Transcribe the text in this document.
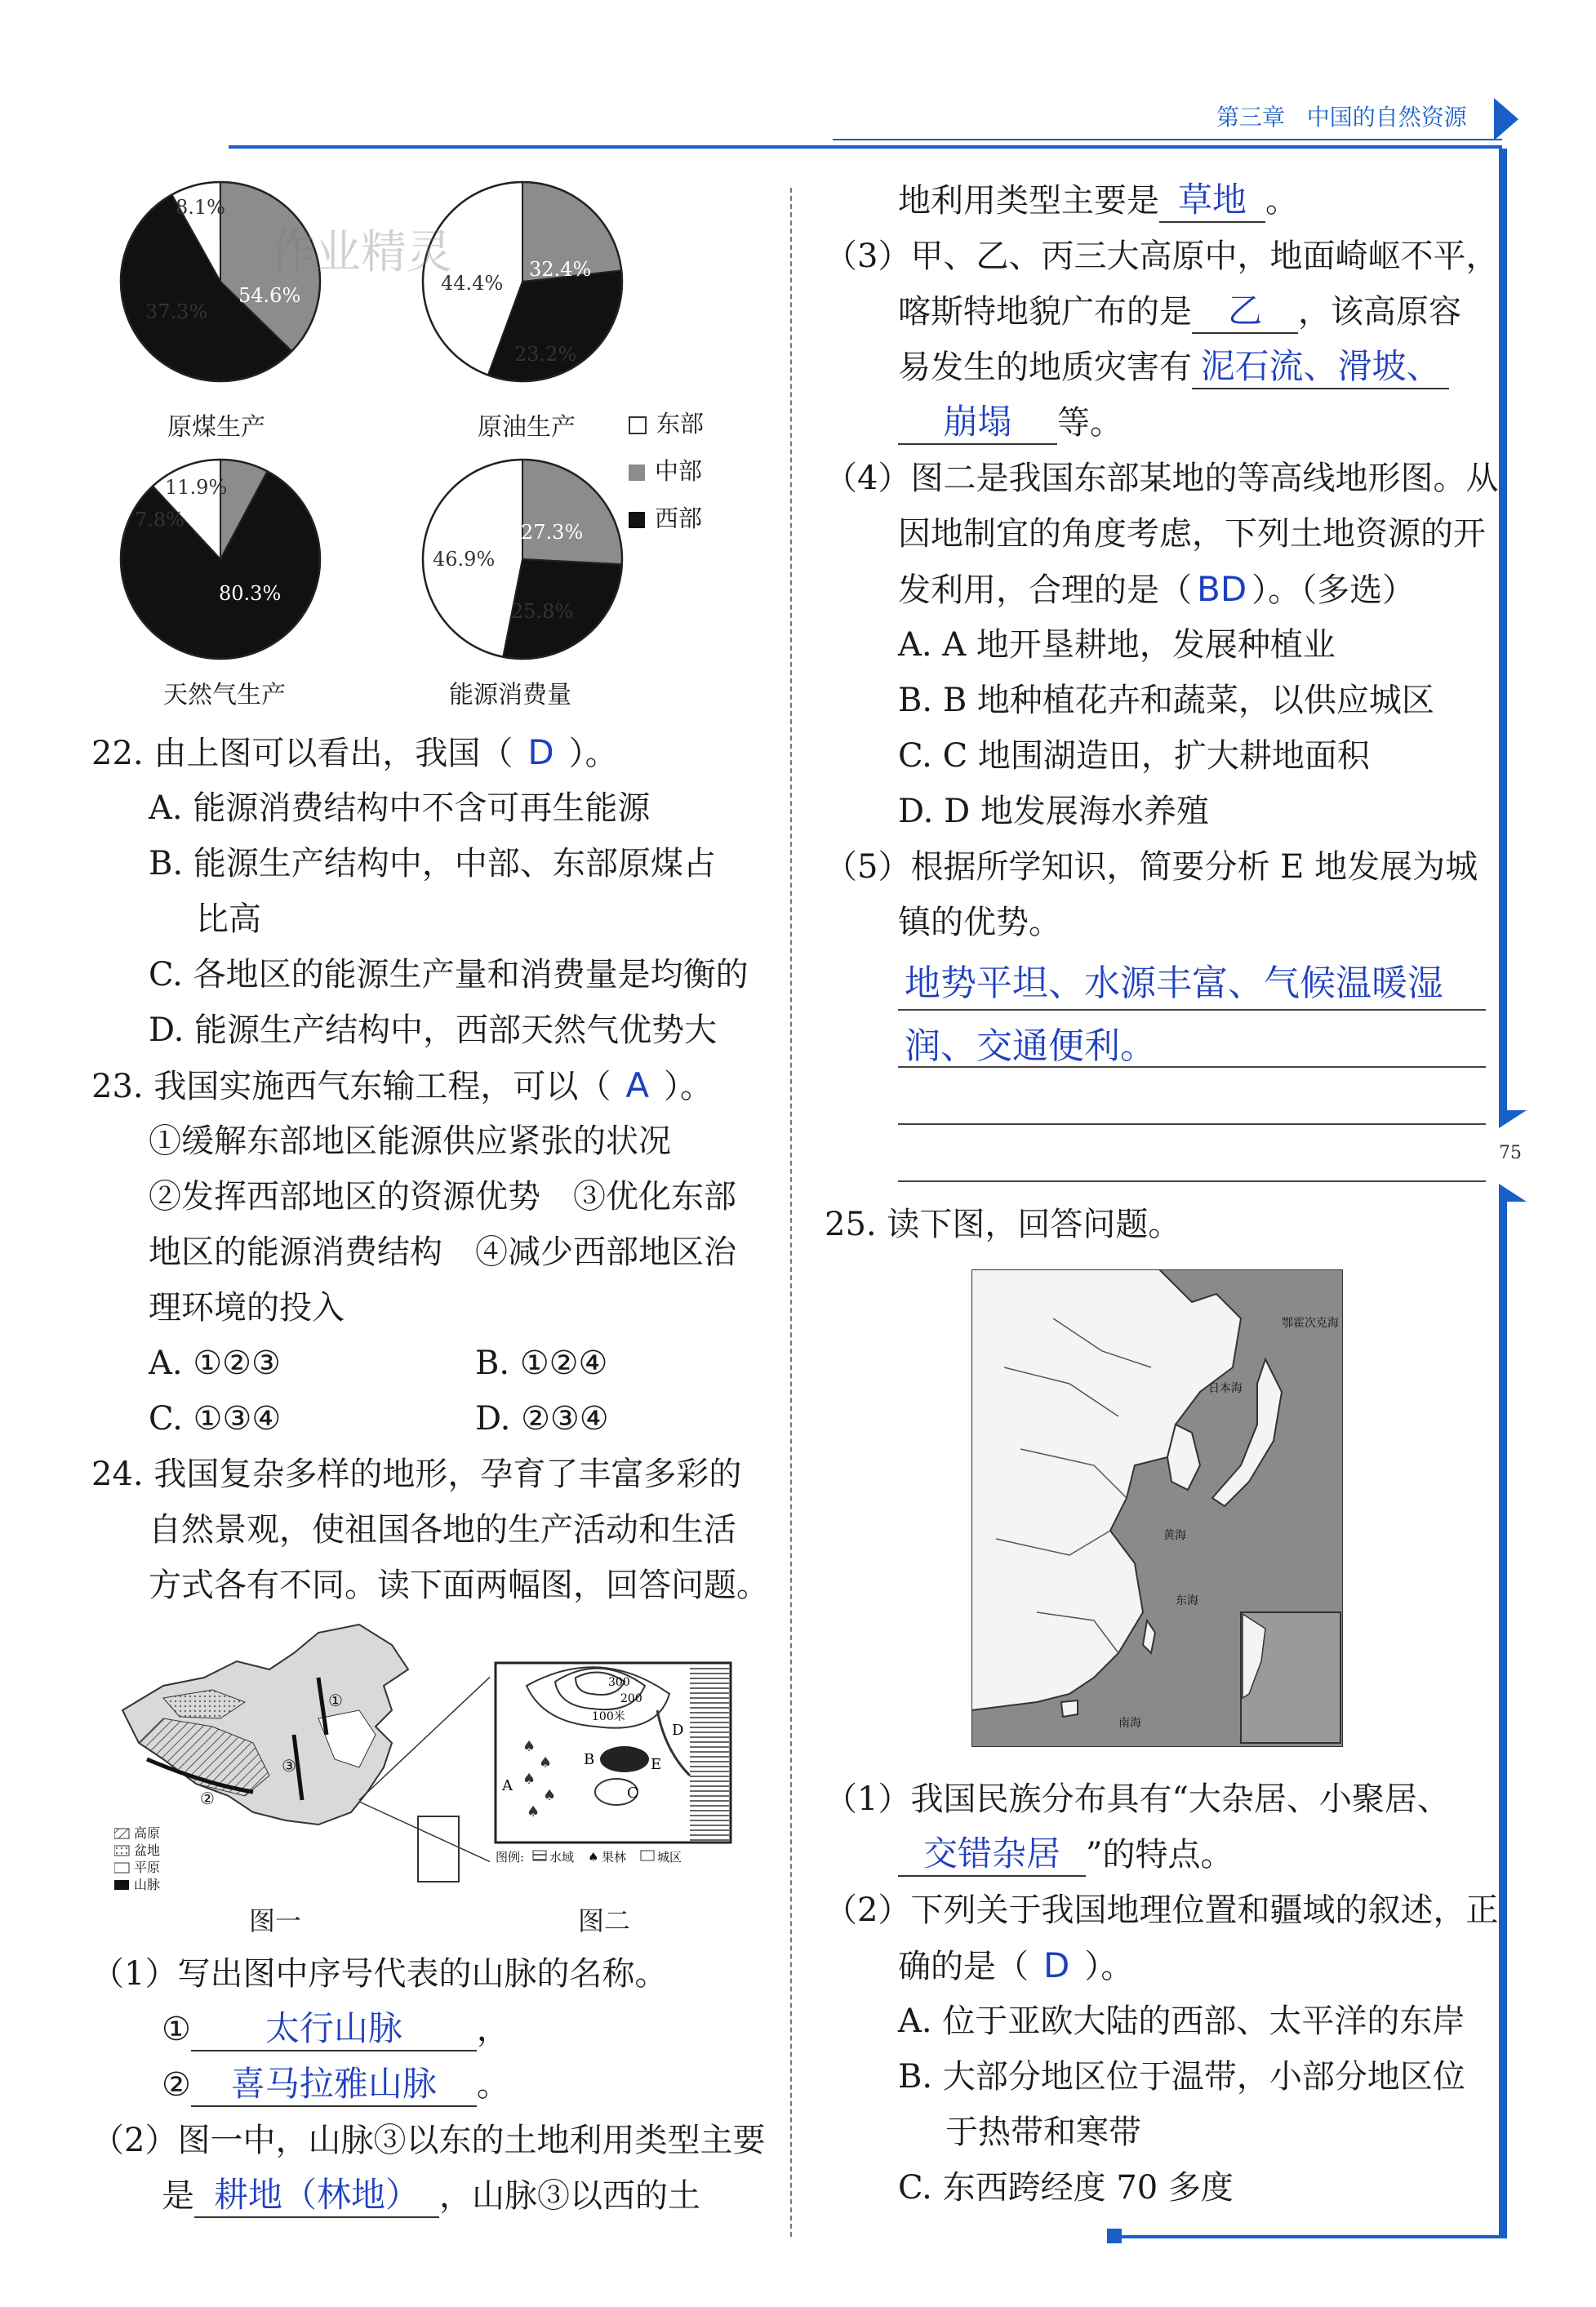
第三章 中国的自然资源
75
8.1%
37.3%
54.6%
44.4%
23.2%
32.4%
11.9%
7.8%
80.3%
46.9%
25.8%
27.3%
原煤生产	原油生产
天然气生产	能源消费量
东部
中部
西部
作业精灵
22. 由上图可以看出，我国（ D ）。
A. 能源消费结构中不含可再生能源
B. 能源生产结构中，中部、东部原煤占
比高
C. 各地区的能源生产量和消费量是均衡的
D. 能源生产结构中，西部天然气优势大
23. 我国实施西气东输工程，可以（ A ）。
①缓解东部地区能源供应紧张的状况
②发挥西部地区的资源优势　③优化东部
地区的能源消费结构　④减少西部地区治
理环境的投入
A. ①②③	B. ①②④
C. ①③④	D. ②③④
24. 我国复杂多样的地形，孕育了丰富多彩的
自然景观，使祖国各地的生产活动和生活
方式各有不同。读下面两幅图，回答问题。
①
②
③
高原
盆地
平原
山脉
300
200
100米
A
B
C
D
E
♠
♠
♠
♠
♠
图例: 水域 ♠ 果林	城区
图一	图二
（1）写出图中序号代表的山脉的名称。
① 太行山脉 ，
② 喜马拉雅山脉 。
（2）图一中，山脉③以东的土地利用类型主要
是 耕地（林地） ，山脉③以西的土
地利用类型主要是 草地 。
（3）甲、乙、丙三大高原中，地面崎岖不平，
喀斯特地貌广布的是 乙 ，该高原容
易发生的地质灾害有 泥石流、滑坡、
崩塌 等。
（4）图二是我国东部某地的等高线地形图。从
因地制宜的角度考虑，下列土地资源的开
发利用，合理的是（ BD ）。（多选）
A. A 地开垦耕地，发展种植业
B. B 地种植花卉和蔬菜，以供应城区
C. C 地围湖造田，扩大耕地面积
D. D 地发展海水养殖
（5）根据所学知识，简要分析 E 地发展为城
镇的优势。
地势平坦、水源丰富、气候温暖湿
润、交通便利。
25. 读下图，回答问题。
鄂霍次克海
日本海
黄海
东海
南海
（1）我国民族分布具有“大杂居、小聚居、
交错杂居 ”的特点。
（2）下列关于我国地理位置和疆域的叙述，正
确的是（ D ）。
A. 位于亚欧大陆的西部、太平洋的东岸
B. 大部分地区位于温带，小部分地区位
于热带和寒带
C. 东西跨经度 70 多度
